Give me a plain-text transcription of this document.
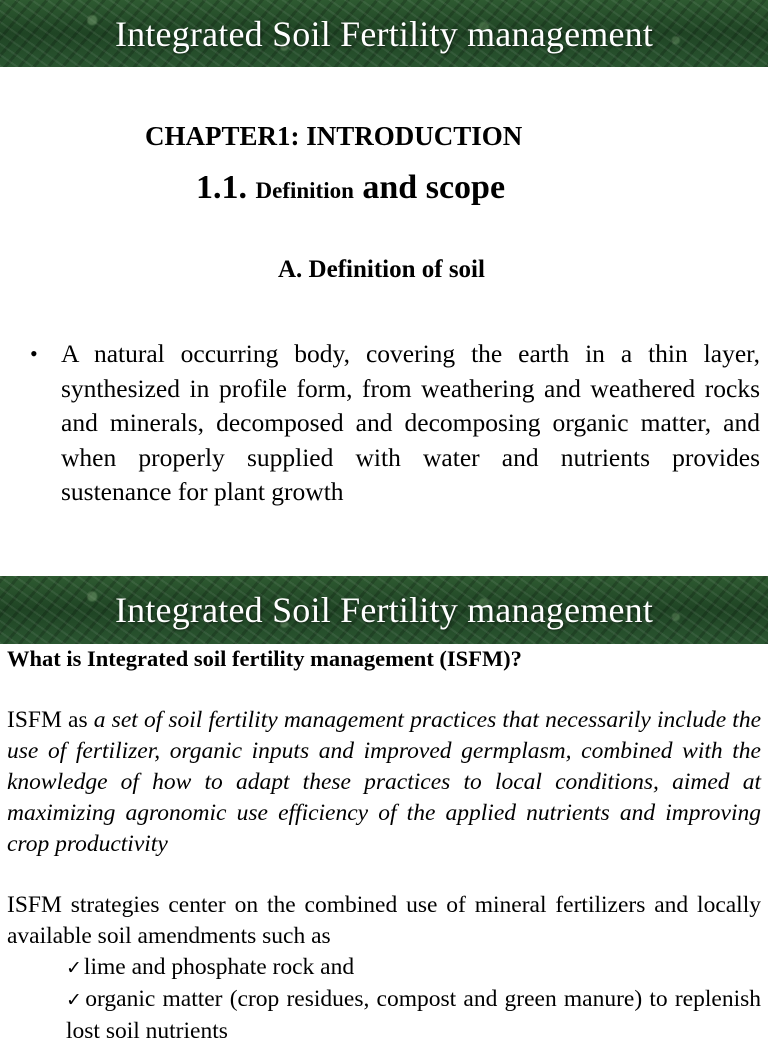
Integrated Soil Fertility management
CHAPTER1: INTRODUCTION
1.1. Definition and scope
A. Definition of soil
• A natural occurring body, covering the earth in a thin layer, synthesized in profile form, from weathering and weathered rocks and minerals, decomposed and decomposing organic matter, and when properly supplied with water and nutrients provides sustenance for plant growth
Integrated Soil Fertility management
What is Integrated soil fertility management (ISFM)?
ISFM as a set of soil fertility management practices that necessarily include the use of fertilizer, organic inputs and improved germplasm, combined with the knowledge of how to adapt these practices to local conditions, aimed at maximizing agronomic use efficiency of the applied nutrients and improving crop productivity
ISFM strategies center on the combined use of mineral fertilizers and locally available soil amendments such as
✓lime and phosphate rock and
✓organic matter (crop residues, compost and green manure) to replenish lost soil nutrients
